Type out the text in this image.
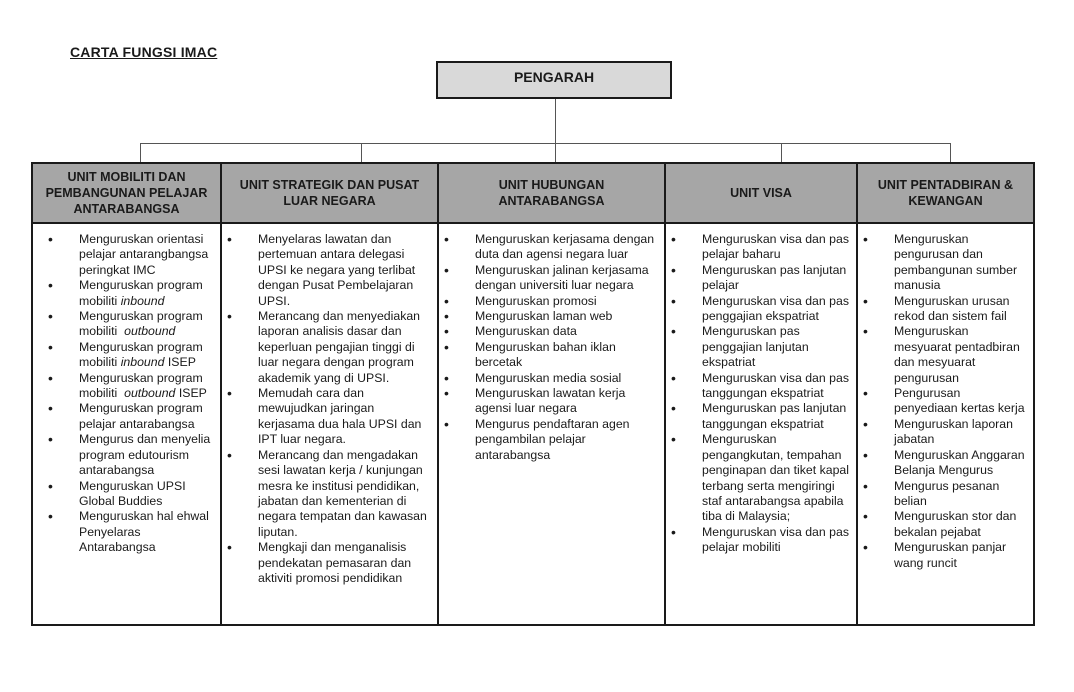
CARTA FUNGSI IMAC
PENGARAH
UNIT MOBILITI DAN PEMBANGUNAN PELAJAR ANTARABANGSA
• Menguruskan orientasi pelajar antarangbangsa peringkat IMC
• Menguruskan program mobiliti inbound
• Menguruskan program mobiliti  outbound
• Menguruskan program mobiliti inbound ISEP
• Menguruskan program mobiliti  outbound ISEP
• Menguruskan program pelajar antarabangsa
• Mengurus dan menyelia program edutourism antarabangsa
• Menguruskan UPSI Global Buddies
• Menguruskan hal ehwal Penyelaras Antarabangsa
UNIT STRATEGIK DAN PUSAT LUAR NEGARA
• Menyelaras lawatan dan pertemuan antara delegasi UPSI ke negara yang terlibat dengan Pusat Pembelajaran UPSI.
• Merancang dan menyediakan laporan analisis dasar dan keperluan pengajian tinggi di luar negara dengan program akademik yang di UPSI.
• Memudah cara dan mewujudkan jaringan kerjasama dua hala UPSI dan IPT luar negara.
• Merancang dan mengadakan sesi lawatan kerja / kunjungan mesra ke institusi pendidikan, jabatan dan kementerian di negara tempatan dan kawasan liputan.
• Mengkaji dan menganalisis pendekatan pemasaran dan aktiviti promosi pendidikan
UNIT HUBUNGAN ANTARABANGSA
• Menguruskan kerjasama dengan duta dan agensi negara luar
• Menguruskan jalinan kerjasama dengan universiti luar negara
• Menguruskan promosi
• Menguruskan laman web
• Menguruskan data
• Menguruskan bahan iklan bercetak
• Menguruskan media sosial
• Menguruskan lawatan kerja agensi luar negara
• Mengurus pendaftaran agen pengambilan pelajar antarabangsa
UNIT VISA
• Menguruskan visa dan pas pelajar baharu
• Menguruskan pas lanjutan pelajar
• Menguruskan visa dan pas penggajian ekspatriat
• Menguruskan pas penggajian lanjutan ekspatriat
• Menguruskan visa dan pas tanggungan ekspatriat
• Menguruskan pas lanjutan tanggungan ekspatriat
• Menguruskan pengangkutan, tempahan penginapan dan tiket kapal terbang serta mengiringi staf antarabangsa apabila tiba di Malaysia;
• Menguruskan visa dan pas pelajar mobiliti
UNIT PENTADBIRAN & KEWANGAN
• Menguruskan pengurusan dan pembangunan sumber manusia
• Menguruskan urusan rekod dan sistem fail
• Menguruskan mesyuarat pentadbiran dan mesyuarat pengurusan
• Pengurusan penyediaan kertas kerja
• Menguruskan laporan jabatan
• Menguruskan Anggaran Belanja Mengurus
• Mengurus pesanan belian
• Menguruskan stor dan bekalan pejabat
• Menguruskan panjar wang runcit
